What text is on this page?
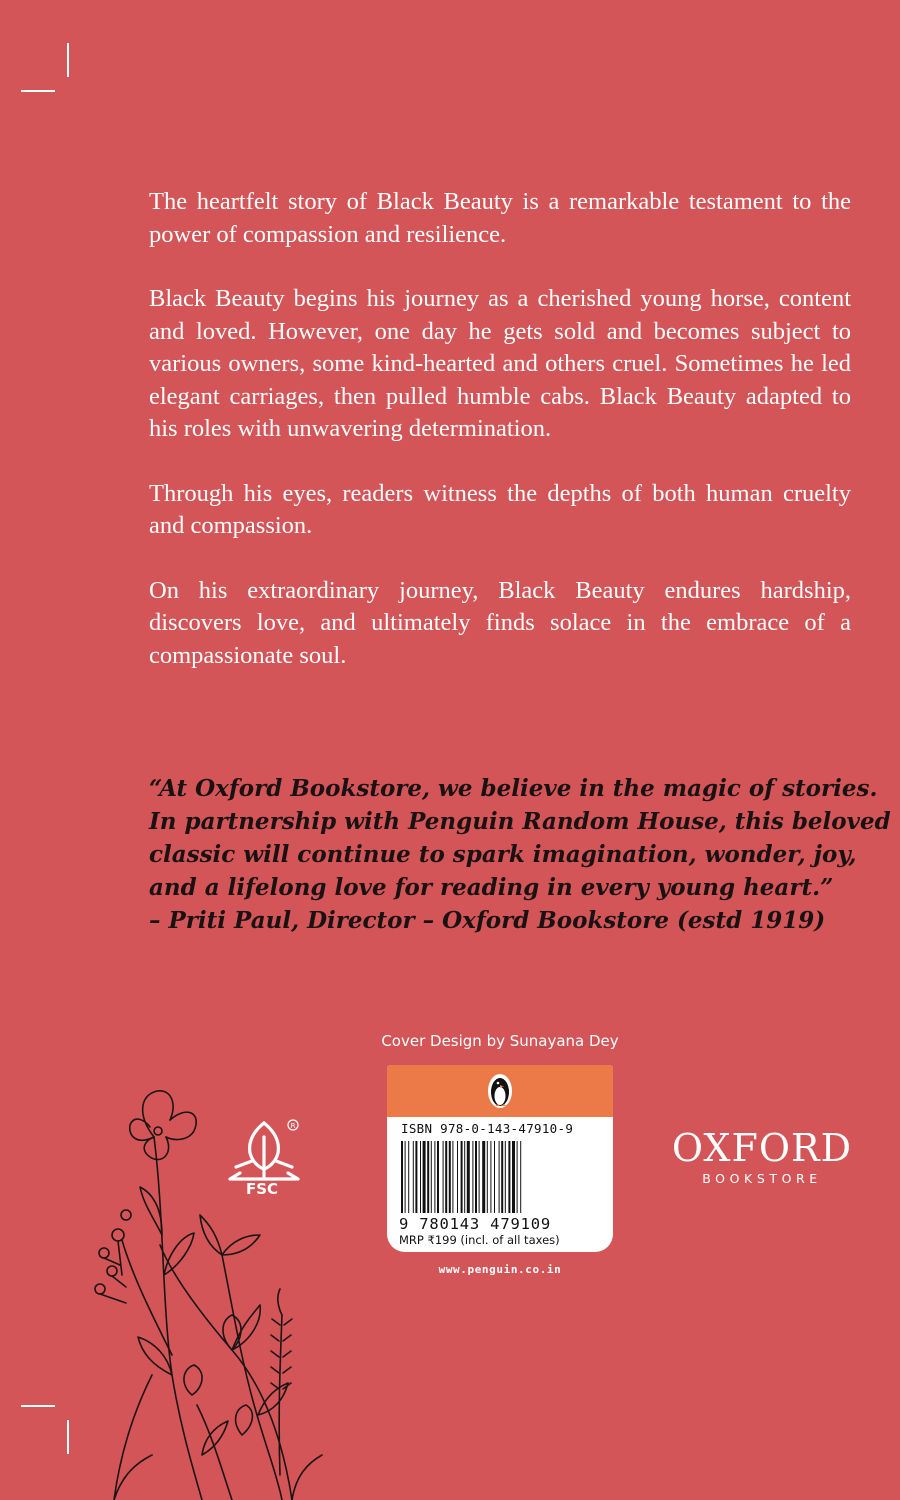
The heartfelt story of Black Beauty is a remarkable testament to the power of compassion and resilience.

Black Beauty begins his journey as a cherished young horse, content and loved. However, one day he gets sold and becomes subject to various owners, some kind-hearted and others cruel. Sometimes he led elegant carriages, then pulled humble cabs. Black Beauty adapted to his roles with unwavering determination.

Through his eyes, readers witness the depths of both human cruelty and compassion.

On his extraordinary journey, Black Beauty endures hardship, discovers love, and ultimately finds solace in the embrace of a compassionate soul.

“At Oxford Bookstore, we believe in the magic of stories.
In partnership with Penguin Random House, this beloved
classic will continue to spark imagination, wonder, joy,
and a lifelong love for reading in every young heart.”
– Priti Paul, Director – Oxford Bookstore (estd 1919)
Cover Design by Sunayana Dey
ISBN 978-0-143-47910-9
9 780143 479109
MRP ₹199 (incl. of all taxes)
www.penguin.co.in
R
FSC
OXFORD
BOOKSTORE
